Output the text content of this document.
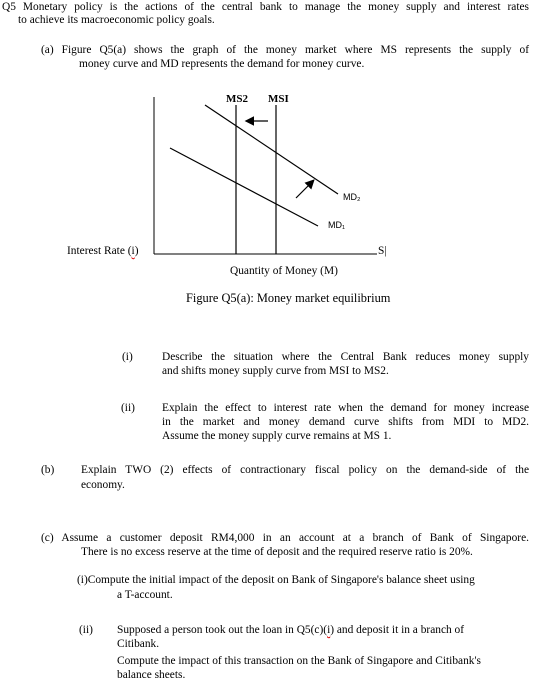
Q5 Monetary policy is the actions of the central bank to manage the money supply and interest rates
to achieve its macroeconomic policy goals.
(a) Figure Q5(a) shows the graph of the money market where MS represents the supply of
money curve and MD represents the demand for money curve.
MS2 MSI
MD₂
MD₁
Interest Rate (i)	S|
Quantity of Money (M)
Figure Q5(a): Money market equilibrium
(i)	Describe the situation where the Central Bank reduces money supply
and shifts money supply curve from MSI to MS2.
(ii) Explain the effect to interest rate when the demand for money increase
in the market and money demand curve shifts from MDI to MD2.
Assume the money supply curve remains at MS 1.
(b) Explain TWO (2) effects of contractionary fiscal policy on the demand-side of the
economy.
(c) Assume a customer deposit RM4,000 in an account at a branch of Bank of Singapore.
There is no excess reserve at the time of deposit and the required reserve ratio is 20%.
(i)Compute the initial impact of the deposit on Bank of Singapore's balance sheet using
a T-account.
(ii) Supposed a person took out the loan in Q5(c)(i) and deposit it in a branch of
Citibank.
Compute the impact of this transaction on the Bank of Singapore and Citibank's
balance sheets.
